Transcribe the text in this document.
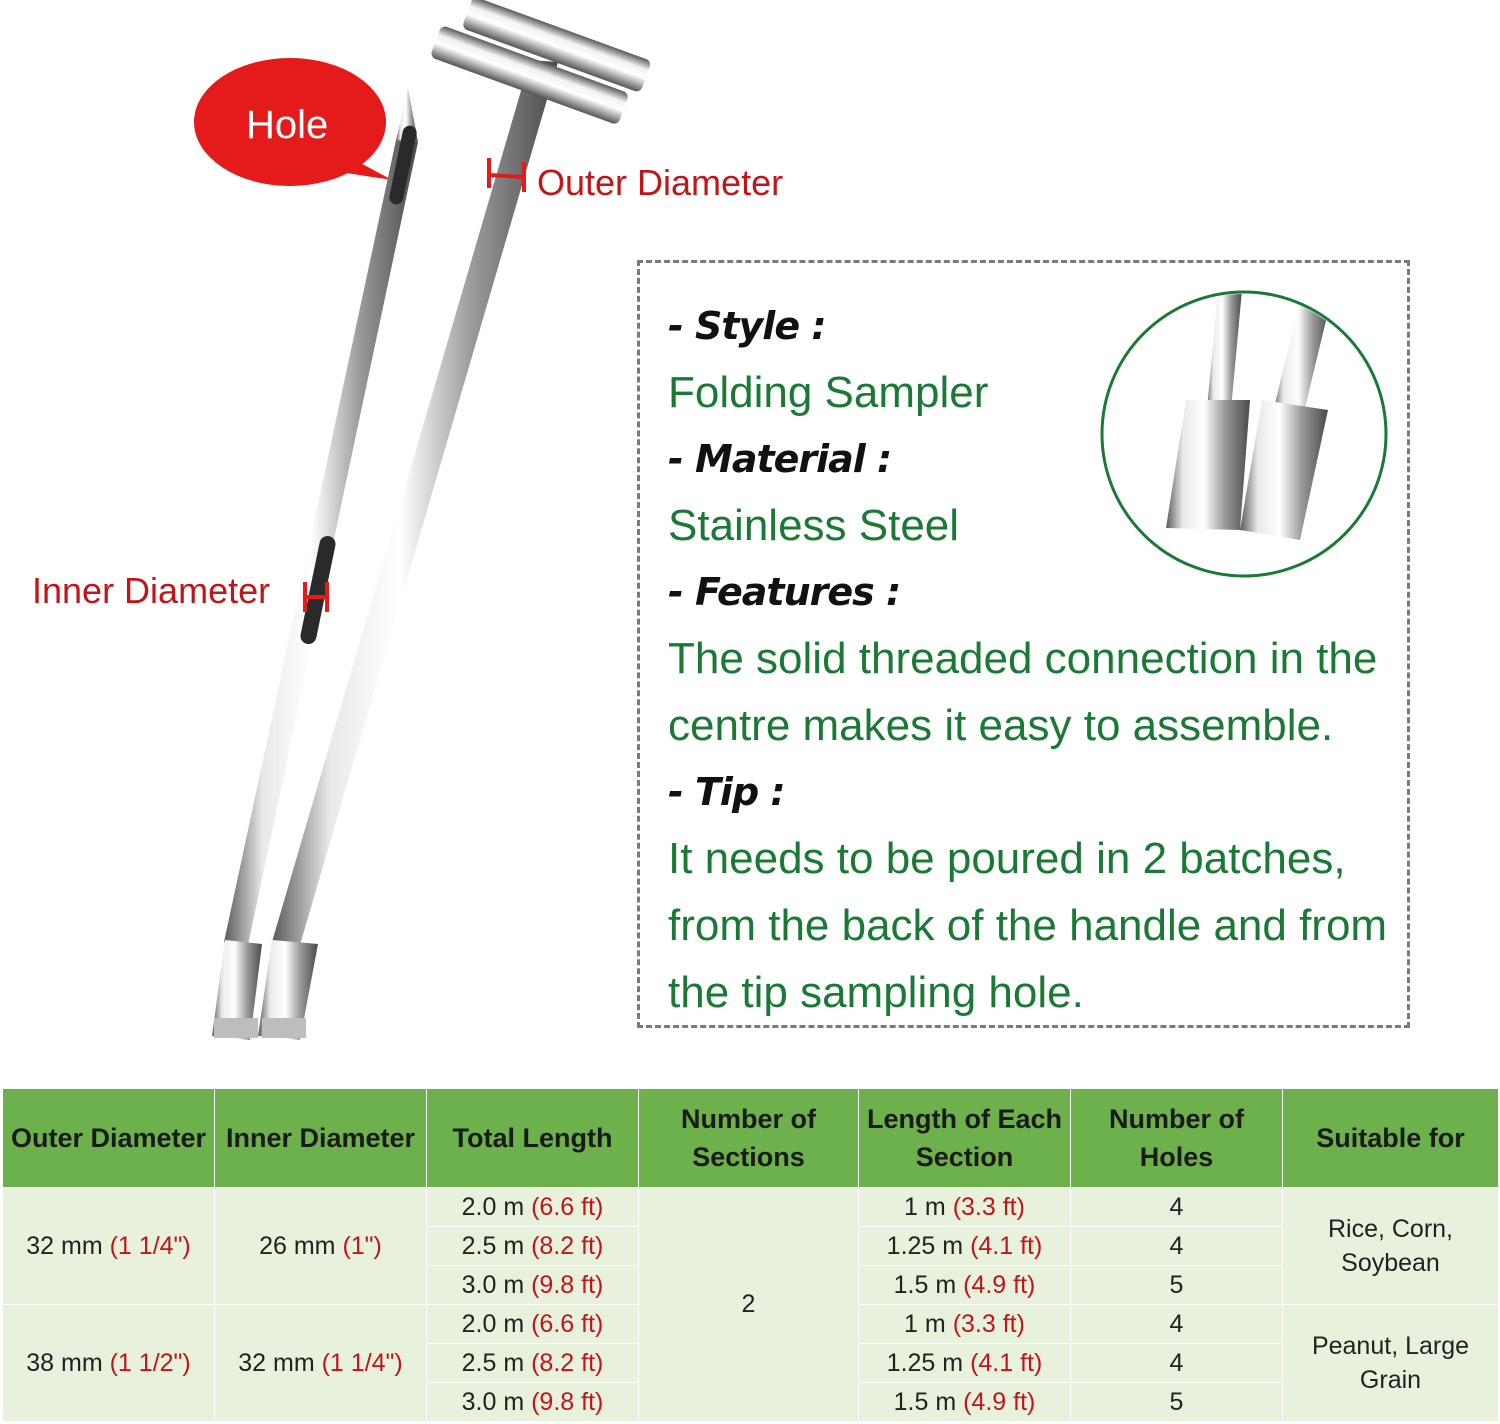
Hole
Outer Diameter
Inner Diameter
- Style :
Folding Sampler
- Material :
Stainless Steel
- Features :
The solid threaded connection in the centre makes it easy to assemble.
- Tip :
It needs to be poured in 2 batches, from the back of the handle and from the tip sampling hole.
Outer Diameter	Inner Diameter	Total Length	Number of Sections	Length of Each Section	Number of Holes	Suitable for
32 mm (1 1/4")	26 mm (1")	2.0 m (6.6 ft)	2	1 m (3.3 ft)	4	Rice, Corn, Soybean
		2.5 m (8.2 ft)		1.25 m (4.1 ft)	4	
		3.0 m (9.8 ft)		1.5 m (4.9 ft)	5	
38 mm (1 1/2")	32 mm (1 1/4")	2.0 m (6.6 ft)		1 m (3.3 ft)	4	Peanut, Large Grain
		2.5 m (8.2 ft)		1.25 m (4.1 ft)	4	
		3.0 m (9.8 ft)		1.5 m (4.9 ft)	5	
